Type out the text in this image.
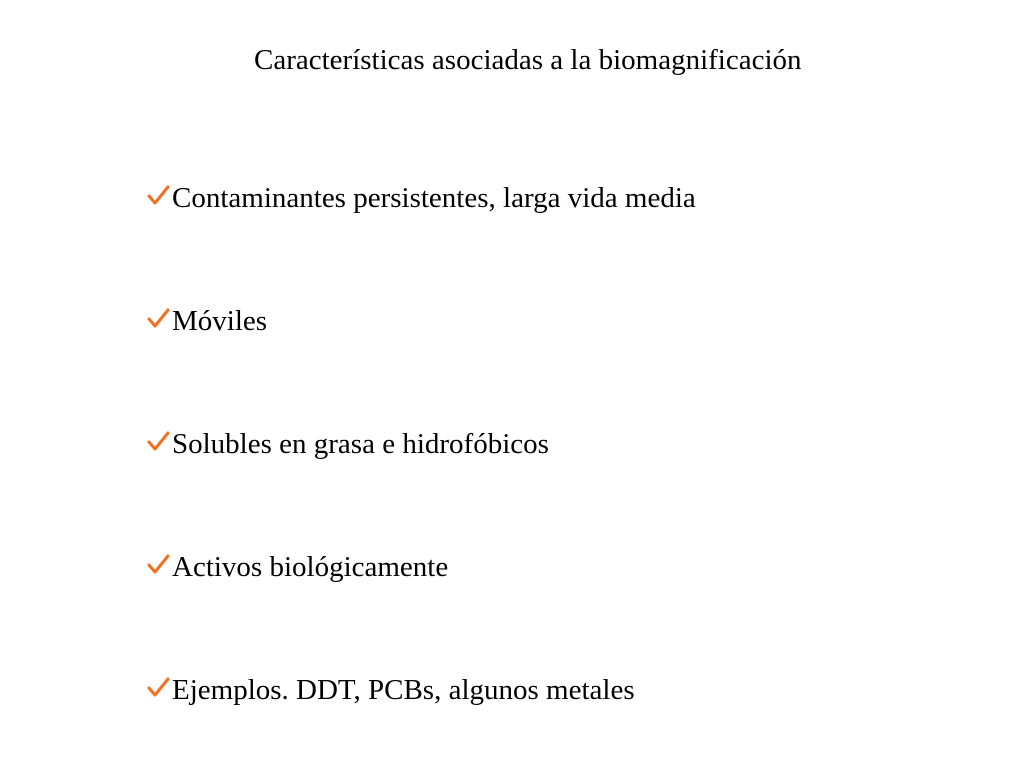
Características asociadas a la biomagnificación
Contaminantes persistentes, larga vida media
Móviles
Solubles en grasa e hidrofóbicos
Activos biológicamente
Ejemplos. DDT, PCBs, algunos metales
